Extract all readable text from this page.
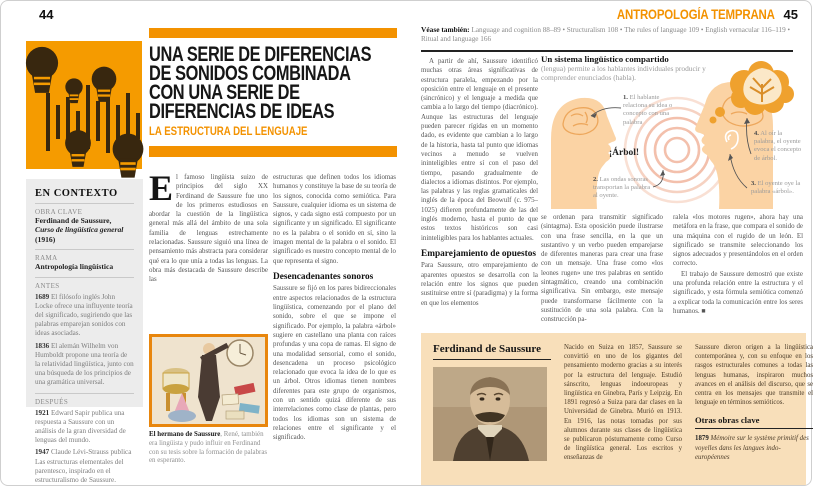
44
UNA SERIE DE DIFERENCIAS
DE SONIDOS COMBINADA
CON UNA SERIE DE
DIFERENCIAS DE IDEAS
LA ESTRUCTURA DEL LENGUAJE
EN CONTEXTO
OBRA CLAVE
Ferdinand de Saussure,
Curso de lingüística general (1916)
RAMA
Antropología lingüística
ANTES
1689 El filósofo inglés John Locke ofrece una influyente teoría del significado, sugiriendo que las palabras emparejan sonidos con ideas asociadas.
1836 El alemán Wilhelm von Humboldt propone una teoría de la relatividad lingüística, junto con una búsqueda de los principios de una gramática universal.
DESPUÉS
1921 Edward Sapir publica una respuesta a Saussure con un análisis de la gran diversidad de lenguas del mundo.
1947 Claude Lévi-Strauss publica Las estructuras elementales del parentesco, inspirado en el estructuralismo de Saussure.
El famoso lingüista suizo de principios del siglo XX Ferdinand de Saussure fue uno de los primeros estudiosos en abordar la cuestión de la lingüística general más allá del ámbito de una sola familia de lenguas estrechamente relacionadas. Saussure siguió una línea de pensamiento más abstracta para considerar qué era lo que unía a todas las lenguas. La obra más destacada de Saussure describe las
El hermano de Saussure, René, también era lingüista y pudo influir en Ferdinand con su tesis sobre la formación de palabras en esperanto.
estructuras que definen todos los idiomas humanos y constituye la base de su teoría de los signos, conocida como semiótica. Para Saussure, cualquier idioma es un sistema de signos, y cada signo está compuesto por un significante y un significado. El significante no es la palabra o el sonido en sí, sino la imagen mental de la palabra o el sonido. El significado es nuestro concepto mental de lo que representa el signo.
Desencadenantes sonoros
Saussure se fijó en los pares bidireccionales entre aspectos relacionados de la estructura lingüística, comenzando por el plano del sonido, sobre el que se impone el significado. Por ejemplo, la palabra «árbol» sugiere en castellano una planta con raíces profundas y una copa de ramas. El signo de una modalidad sensorial, como el sonido, desencadena un proceso psicológico relacionado que evoca la idea de lo que es un árbol. Otros idiomas tienen nombres diferentes para este grupo de organismos, con un sentido quizá diferente de sus interrelaciones como clase de plantas, pero todos los idiomas son un sistema de relaciones entre el significante y el significado.
ANTROPOLOGÍA TEMPRANA 45
Véase también: Language and cognition 88–89 • Structuralism 108 • The rules of language 109 • English vernacular 116–119 • Ritual and language 166
A partir de ahí, Saussure identificó muchas otras áreas significativas de estructura paralela, empezando por la oposición entre el lenguaje en el presente (sincrónico) y el lenguaje a medida que cambia a lo largo del tiempo (diacrónico). Aunque las estructuras del lenguaje pueden parecer rígidas en un momento dado, es evidente que cambian a lo largo de la historia, hasta tal punto que idiomas vecinos a menudo se vuelven ininteligibles entre sí con el paso del tiempo, pasando gradualmente de dialectos a idiomas distintos. Por ejemplo, las palabras y las reglas gramaticales del inglés de la época del Beowulf (c. 975–1025) difieren profundamente de las del inglés moderno, hasta el punto de que estos textos históricos son casi ininteligibles para los hablantes actuales.
Emparejamiento de opuestos
Para Saussure, otro emparejamiento de aparentes opuestos se desarrolla con la relación entre los signos que pueden sustituirse entre sí (paradigma) y la forma en que los elementos
Un sistema lingüístico compartido
(lengua) permite a los hablantes individuales producir y comprender enunciados (habla).
¡Árbol!
1. El hablante relaciona su idea o concepto con una palabra
2. Las ondas sonoras transportan la palabra al oyente.
3. El oyente oye la palabra «árbol».
4. Al oír la palabra, el oyente evoca el concepto de árbol.
se ordenan para transmitir significado (sintagma). Esta oposición puede ilustrarse con una frase sencilla, en la que un sustantivo y un verbo pueden emparejarse de diferentes maneras para crear una frase con un mensaje. Una frase como «los leones rugen» une tres palabras en sentido sintagmático, creando una combinación significativa. Sin embargo, este mensaje puede transformarse fácilmente con la sustitución de una sola palabra. Con la construcción pa-
ralela «los motores rugen», ahora hay una metáfora en la frase, que compara el sonido de una máquina con el rugido de un león. El significado se transmite seleccionando los signos adecuados y presentándolos en el orden correcto.
El trabajo de Saussure demostró que existe una profunda relación entre la estructura y el significado, y esta fórmula semiótica comenzó a explicar toda la comunicación entre los seres humanos. ■
Ferdinand de Saussure	Nacido en Suiza en 1857, Saussure se convirtió en uno de los gigantes del pensamiento moderno gracias a su interés por la estructura del lenguaje. Estudió sánscrito, lenguas indoeuropeas y lingüística en Ginebra, París y Leipzig. En 1891 regresó a Suiza para dar clases en la Universidad de Ginebra. Murió en 1913. En 1916, las notas tomadas por sus alumnos durante sus clases de lingüística se publicaron póstumamente como Curso de lingüística general. Los escritos y enseñanzas de
Saussure dieron origen a la lingüística contemporánea y, con su enfoque en los rasgos estructurales comunes a todas las lenguas humanas, inspiraron muchos avances en el análisis del discurso, que se centra en los mensajes que transmite el lenguaje en términos semióticos.
Otras obras clave
1879 Mémoire sur le système primitif des voyelles dans les langues indo-européennes
